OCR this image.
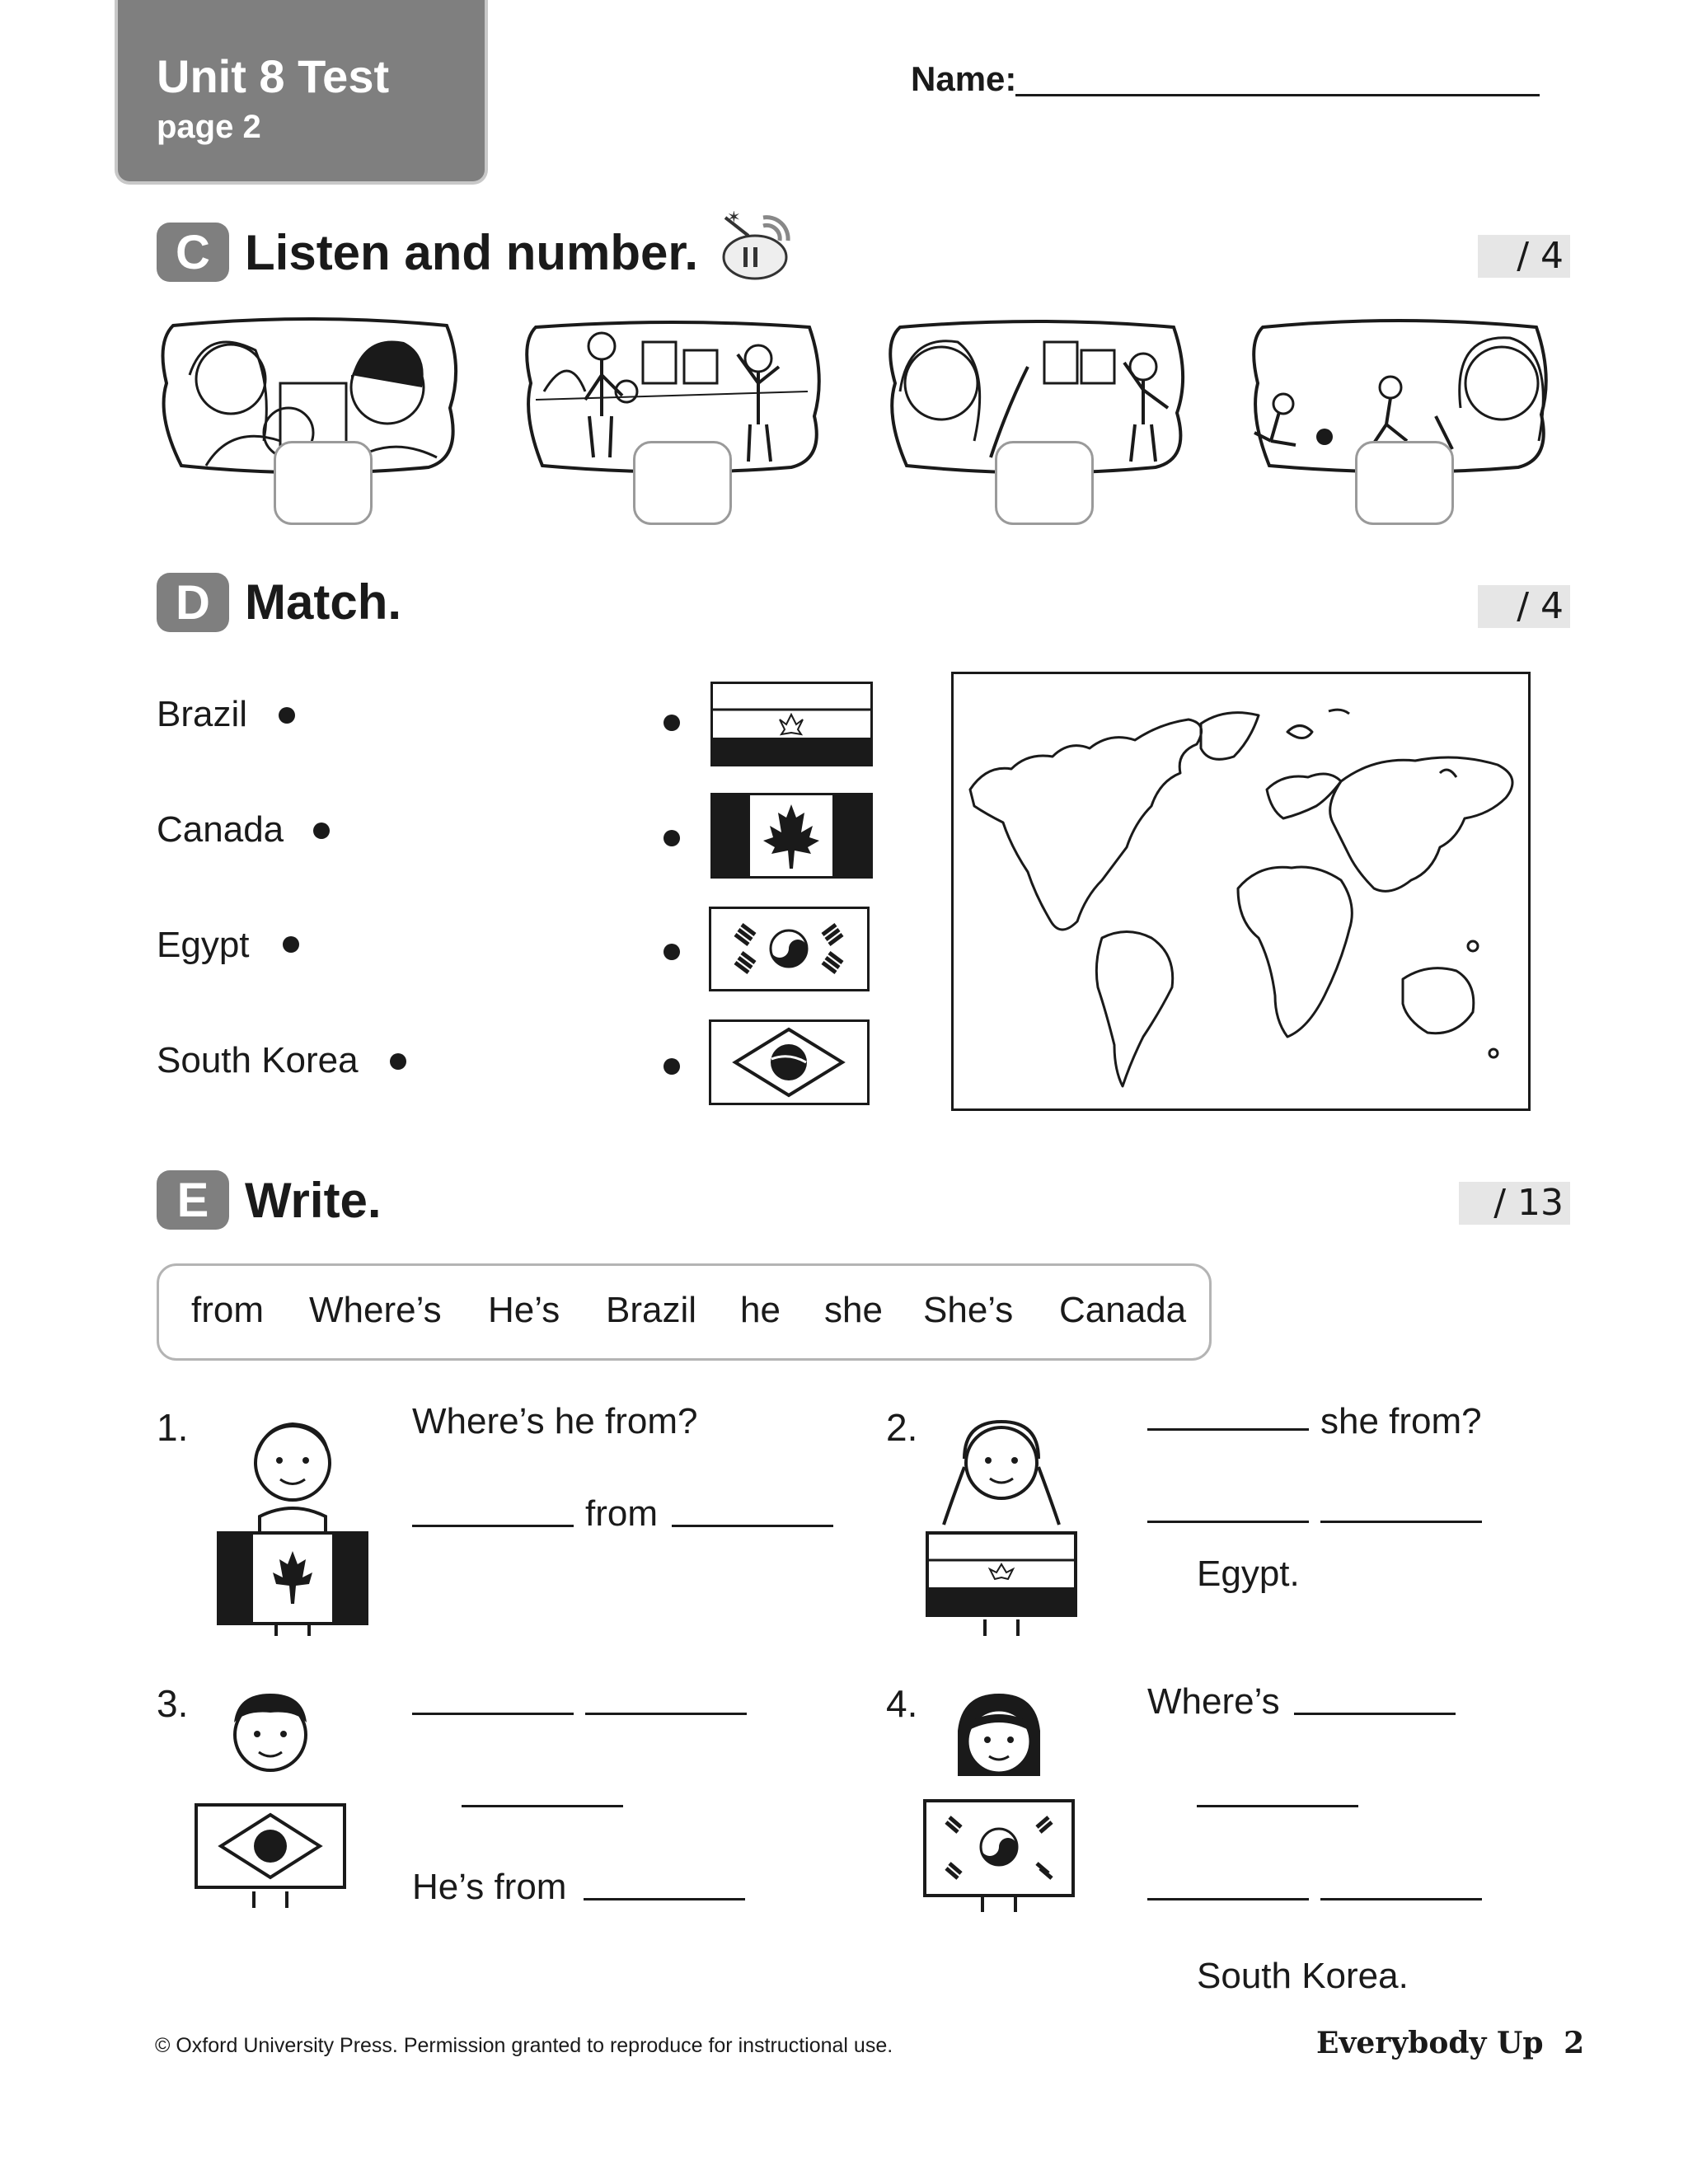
Unit 8 Test
page 2
Name:
C Listen and number.
✶
/ 4
D Match.	/ 4
Brazil
Canada
Egypt
South Korea
E Write.	/ 13
from Where’s He’s Brazil he she She’s Canada
1.	Where’s he from?
from
2.	she from?
Egypt.
3.
He’s from
4.	Where’s
South Korea.
© Oxford University Press. Permission granted to reproduce for instructional use.	Everybody Up 2
